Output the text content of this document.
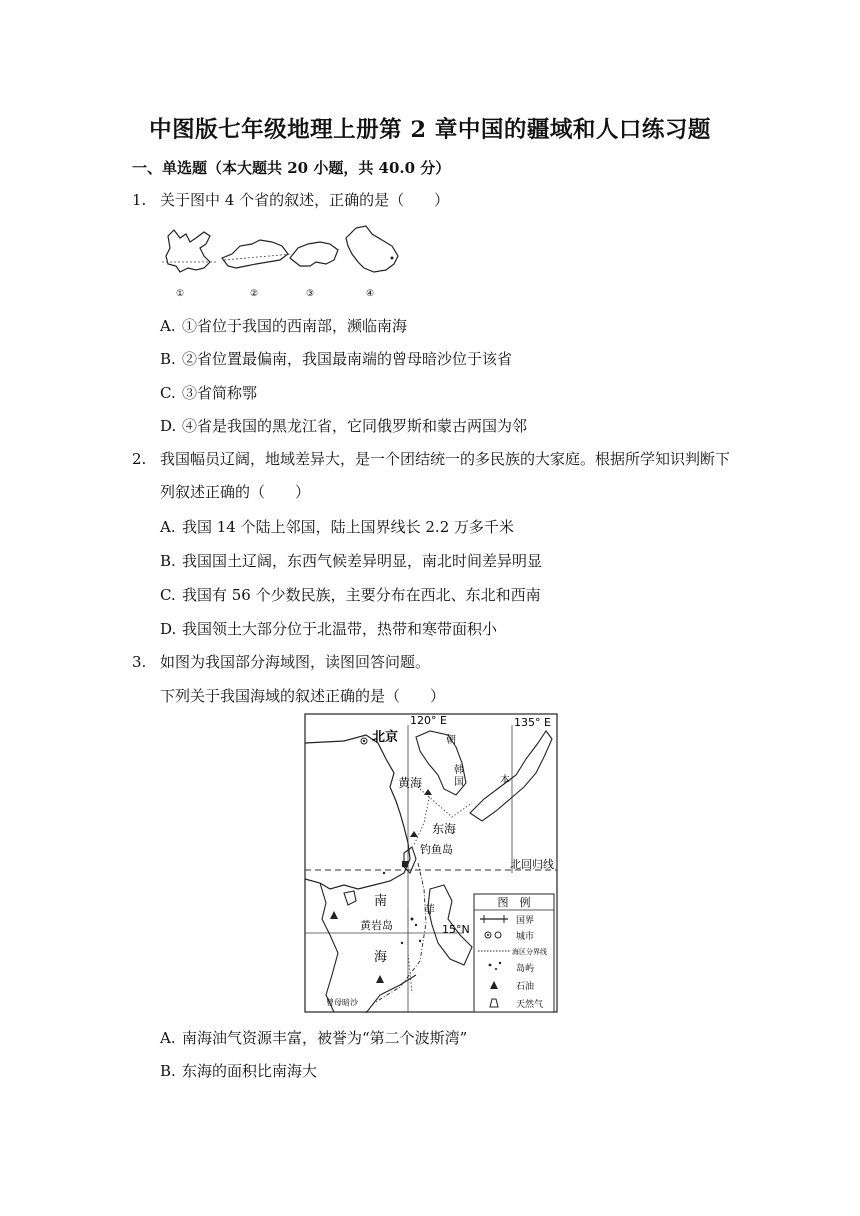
中图版七年级地理上册第 2 章中国的疆域和人口练习题
一、单选题（本大题共 20 小题，共 40.0 分）
1. 关于图中 4 个省的叙述，正确的是（　　）
①	②	③	④
A. ①省位于我国的西南部，濒临南海
B. ②省位置最偏南，我国最南端的曾母暗沙位于该省
C. ③省简称鄂
D. ④省是我国的黑龙江省，它同俄罗斯和蒙古两国为邻
2. 我国幅员辽阔，地域差异大，是一个团结统一的多民族的大家庭。根据所学知识判断下
列叙述正确的（　　）
A. 我国 14 个陆上邻国，陆上国界线长 2.2 万多千米
B. 我国国土辽阔，东西气候差异明显，南北时间差异明显
C. 我国有 56 个少数民族，主要分布在西北、东北和西南
D. 我国领土大部分位于北温带，热带和寒带面积小
3. 如图为我国部分海域图，读图回答问题。
下列关于我国海域的叙述正确的是（　　）
120° E	135° E
北京	朝
韩
国	本
黄海
东海
钓鱼岛
北回归线
南
海
黄岩岛	15°N
菲
曾母暗沙
图　例
国界
城市
海区分界线
岛屿
石油
天然气
A. 南海油气资源丰富，被誉为“第二个波斯湾”
B. 东海的面积比南海大
